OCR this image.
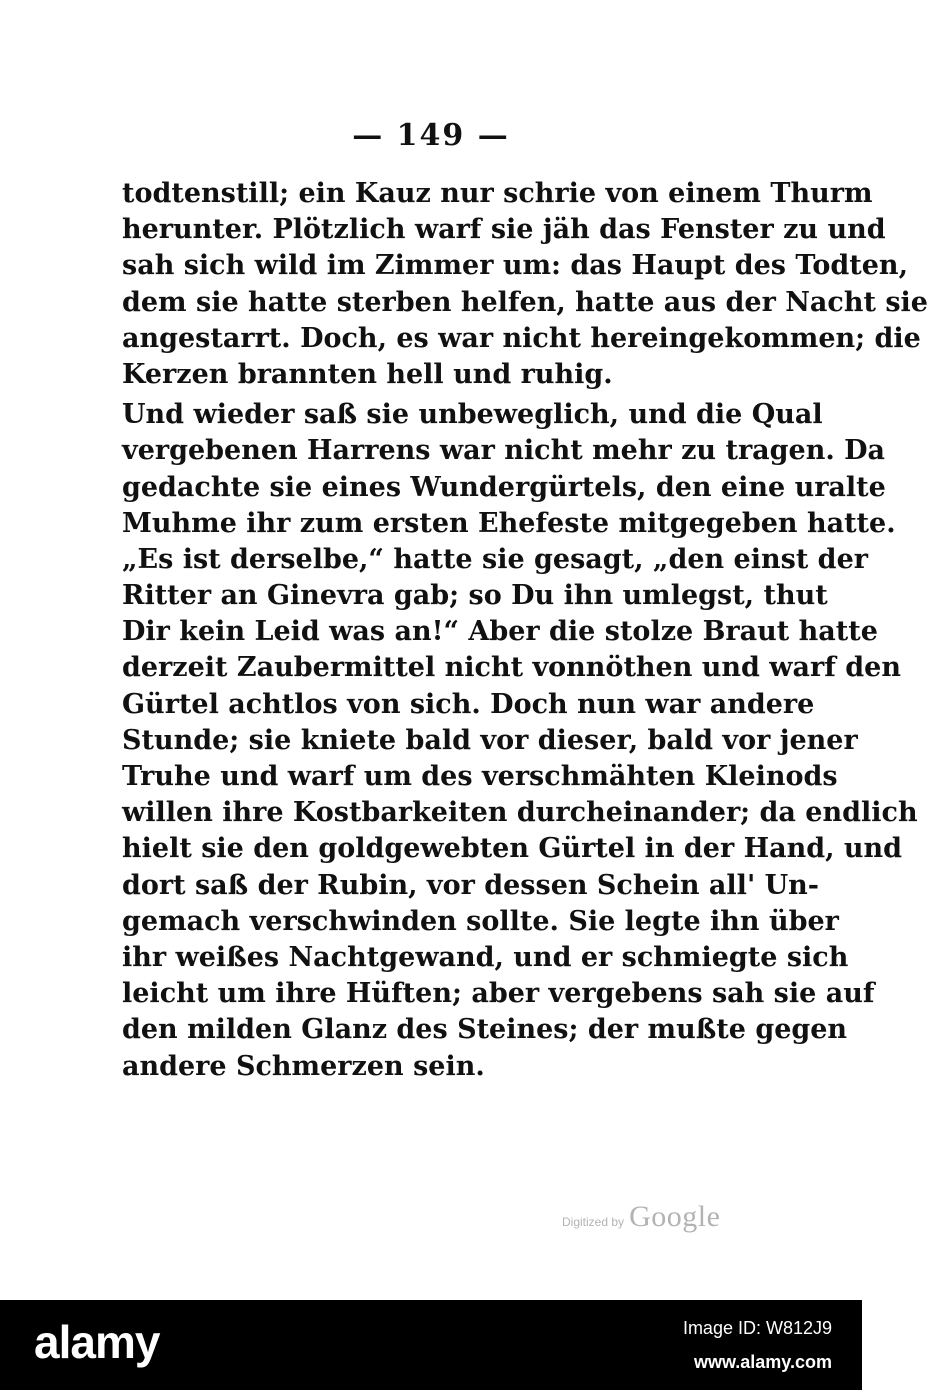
— 149 —
todtenstill; ein Kauz nur schrie von einem Thurm
herunter. Plötzlich warf sie jäh das Fenster zu und
sah sich wild im Zimmer um: das Haupt des Todten,
dem sie hatte sterben helfen, hatte aus der Nacht sie
angestarrt. Doch, es war nicht hereingekommen; die
Kerzen brannten hell und ruhig.
Und wieder saß sie unbeweglich, und die Qual
vergebenen Harrens war nicht mehr zu tragen. Da
gedachte sie eines Wundergürtels, den eine uralte
Muhme ihr zum ersten Ehefeste mitgegeben hatte.
„Es ist derselbe,“ hatte sie gesagt, „den einst der
Ritter an Ginevra gab; so Du ihn umlegst, thut
Dir kein Leid was an!“ Aber die stolze Braut hatte
derzeit Zaubermittel nicht vonnöthen und warf den
Gürtel achtlos von sich. Doch nun war andere
Stunde; sie kniete bald vor dieser, bald vor jener
Truhe und warf um des verschmähten Kleinods
willen ihre Kostbarkeiten durcheinander; da endlich
hielt sie den goldgewebten Gürtel in der Hand, und
dort saß der Rubin, vor dessen Schein all' Un-
gemach verschwinden sollte. Sie legte ihn über
ihr weißes Nachtgewand, und er schmiegte sich
leicht um ihre Hüften; aber vergebens sah sie auf
den milden Glanz des Steines; der mußte gegen
andere Schmerzen sein.
Digitized by Google
alamy	Image ID: W812J9
www.alamy.com
